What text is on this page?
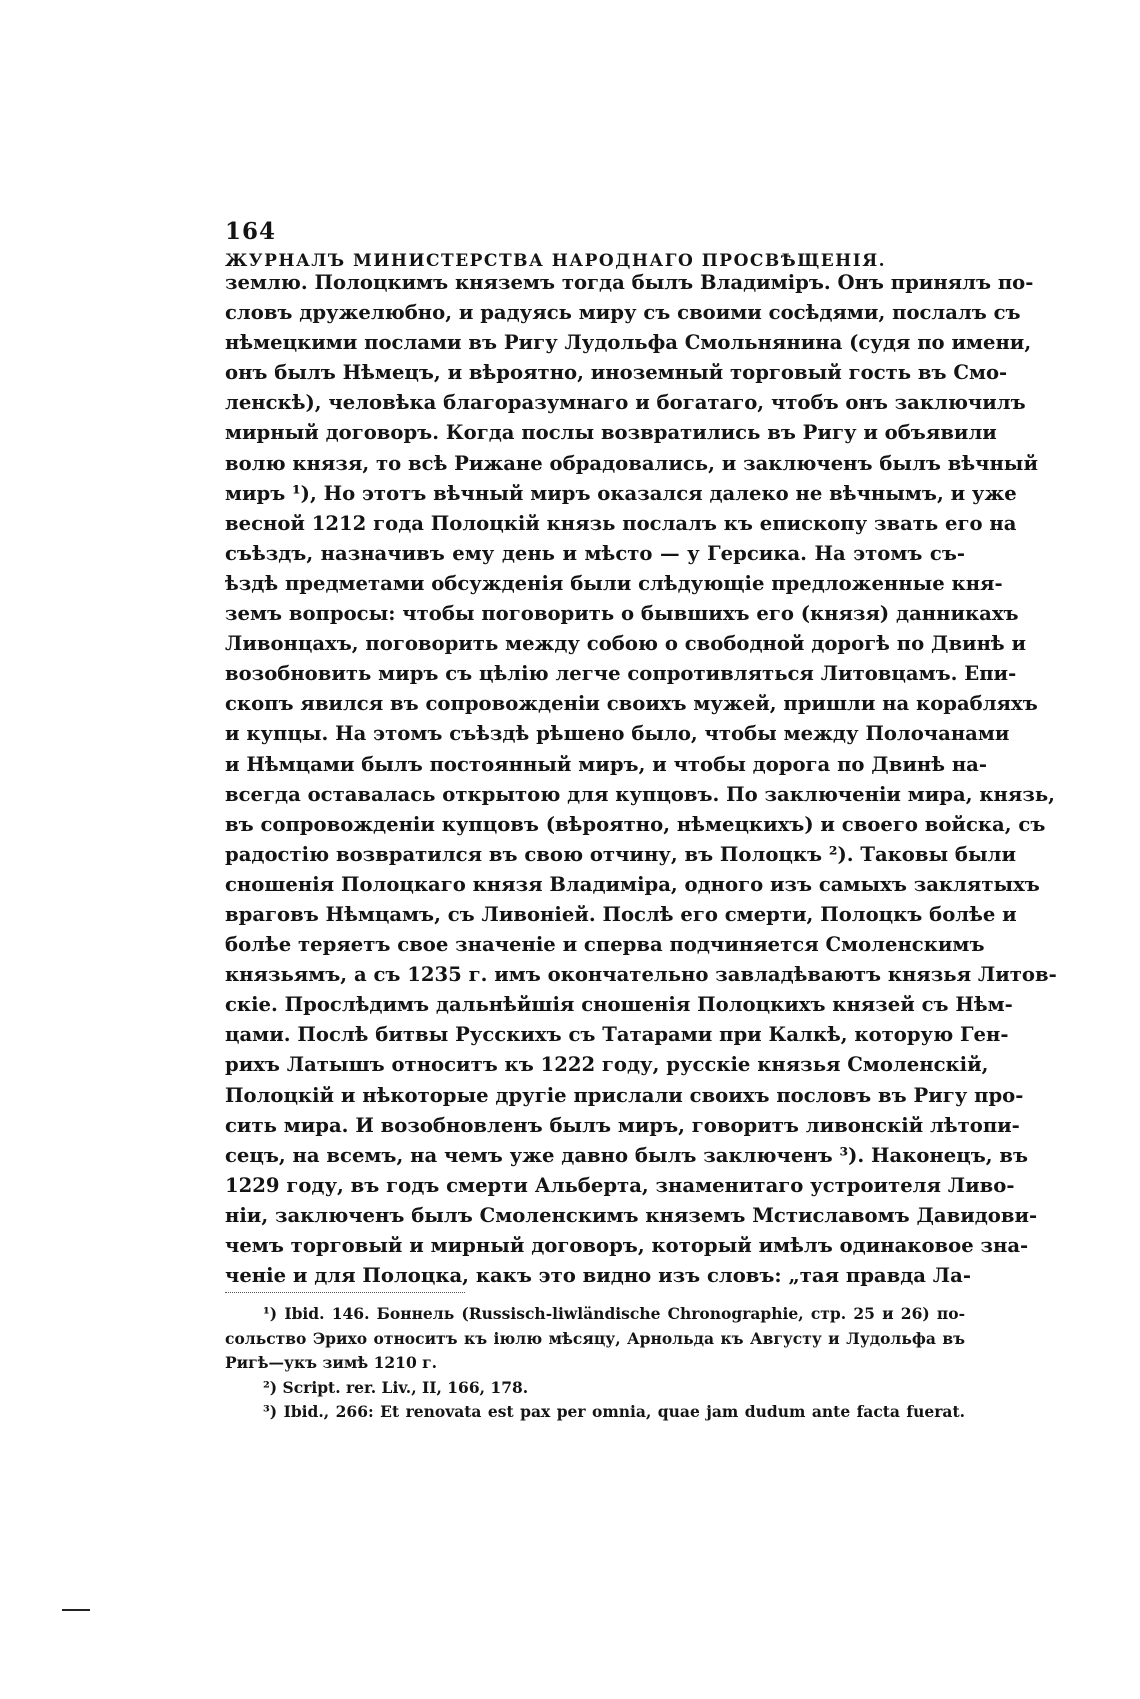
164ЖУРНАЛЪ МИНИСТЕРСТВА НАРОДНАГО ПРОСВѢЩЕНІЯ.
землю. Полоцкимъ княземъ тогда былъ Владиміръ. Онъ принялъ по-
словъ дружелюбно, и радуясь миру съ своими сосѣдями, послалъ съ
нѣмецкими послами въ Ригу Лудольфа Смольнянина (судя по имени,
онъ былъ Нѣмецъ, и вѣроятно, иноземный торговый гость въ Смо-
ленскѣ), человѣка благоразумнаго и богатаго, чтобъ онъ заключилъ
мирный договоръ. Когда послы возвратились въ Ригу и объявили
волю князя, то всѣ Рижане обрадовались, и заключенъ былъ вѣчный
миръ ¹), Но этотъ вѣчный миръ оказался далеко не вѣчнымъ, и уже
весной 1212 года Полоцкій князь послалъ къ епископу звать его на
съѣздъ, назначивъ ему день и мѣсто — у Герсика. На этомъ съ-
ѣздѣ предметами обсужденія были слѣдующіе предложенные кня-
земъ вопросы: чтобы поговорить о бывшихъ его (князя) данникахъ
Ливонцахъ, поговорить между собою о свободной дорогѣ по Двинѣ и
возобновить миръ съ цѣлію легче сопротивляться Литовцамъ. Епи-
скопъ явился въ сопровожденіи своихъ мужей, пришли на корабляхъ
и купцы. На этомъ съѣздѣ рѣшено было, чтобы между Полочанами
и Нѣмцами былъ постоянный миръ, и чтобы дорога по Двинѣ на-
всегда оставалась открытою для купцовъ. По заключеніи мира, князь,
въ сопровожденіи купцовъ (вѣроятно, нѣмецкихъ) и своего войска, съ
радостію возвратился въ свою отчину, въ Полоцкъ ²). Таковы были
сношенія Полоцкаго князя Владиміра, одного изъ самыхъ заклятыхъ
враговъ Нѣмцамъ, съ Ливоніей. Послѣ его смерти, Полоцкъ болѣе и
болѣе теряетъ свое значеніе и сперва подчиняется Смоленскимъ
князьямъ, а съ 1235 г. имъ окончательно завладѣваютъ князья Литов-
скіе. Прослѣдимъ дальнѣйшія сношенія Полоцкихъ князей съ Нѣм-
цами. Послѣ битвы Русскихъ съ Татарами при Калкѣ, которую Ген-
рихъ Латышъ относитъ къ 1222 году, русскіе князья Смоленскій,
Полоцкій и нѣкоторые другіе прислали своихъ пословъ въ Ригу про-
сить мира. И возобновленъ былъ миръ, говоритъ ливонскій лѣтопи-
сецъ, на всемъ, на чемъ уже давно былъ заключенъ ³). Наконецъ, въ
1229 году, въ годъ смерти Альберта, знаменитаго устроителя Ливо-
ніи, заключенъ былъ Смоленскимъ княземъ Мстиславомъ Давидови-
чемъ торговый и мирный договоръ, который имѣлъ одинаковое зна-
ченіе и для Полоцка, какъ это видно изъ словъ: „тая правда Ла-
¹) Ibid. 146. Боннель (Russisch-liwländische Chronographie, стр. 25 и 26) по-
сольство Эрихо относитъ къ іюлю мѣсяцу, Арнольда къ Августу и Лудольфа въ
Ригѣ—укъ зимѣ 1210 г.
²) Script. rer. Liv., II, 166, 178.
³) Ibid., 266: Et renovata est pax per omnia, quae jam dudum ante facta fuerat.
